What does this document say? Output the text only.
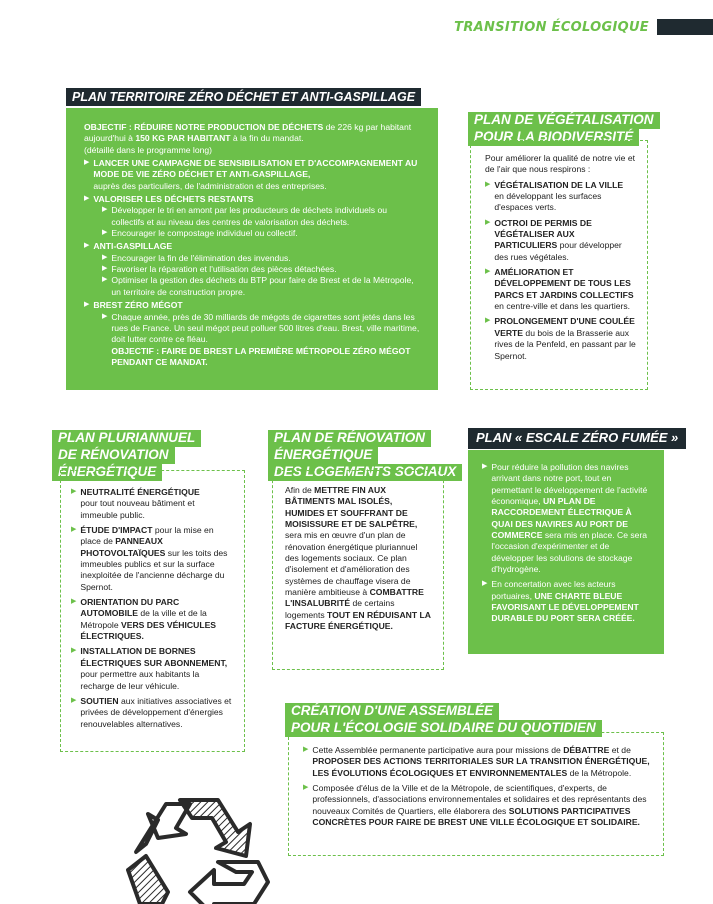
TRANSITION ÉCOLOGIQUE
PLAN TERRITOIRE ZÉRO DÉCHET ET ANTI-GASPILLAGE
OBJECTIF : RÉDUIRE NOTRE PRODUCTION DE DÉCHETS de 226 kg par habitant aujourd'hui à 150 KG PAR HABITANT à la fin du mandat.
(détaillé dans le programme long)
▶ LANCER UNE CAMPAGNE DE SENSIBILISATION ET D'ACCOMPAGNEMENT AU MODE DE VIE ZÉRO DÉCHET ET ANTI-GASPILLAGE,
auprès des particuliers, de l'administration et des entreprises.
▶ VALORISER LES DÉCHETS RESTANTS
▶ Développer le tri en amont par les producteurs de déchets individuels ou collectifs et au niveau des centres de valorisation des déchets.
▶ Encourager le compostage individuel ou collectif.
▶ ANTI-GASPILLAGE
▶ Encourager la fin de l'élimination des invendus.
▶ Favoriser la réparation et l'utilisation des pièces détachées.
▶ Optimiser la gestion des déchets du BTP pour faire de Brest et de la Métropole, un territoire de construction propre.
▶ BREST ZÉRO MÉGOT
▶ Chaque année, près de 30 milliards de mégots de cigarettes sont jetés dans les rues de France. Un seul mégot peut polluer 500 litres d'eau. Brest, ville maritime, doit lutter contre ce fléau.
OBJECTIF : FAIRE DE BREST LA PREMIÈRE MÉTROPOLE ZÉRO MÉGOT PENDANT CE MANDAT.
PLAN DE VÉGÉTALISATION
POUR LA BIODIVERSITÉ
Pour améliorer la qualité de notre vie et de l'air que nous respirons :
▶ VÉGÉTALISATION DE LA VILLE
en développant les surfaces d'espaces verts.
▶ OCTROI DE PERMIS DE VÉGÉTALISER AUX PARTICULIERS pour développer des rues végétales.
▶ AMÉLIORATION ET DÉVELOPPEMENT DE TOUS LES PARCS ET JARDINS COLLECTIFS
en centre-ville et dans les quartiers.
▶ PROLONGEMENT D'UNE COULÉE VERTE du bois de la Brasserie aux rives de la Penfeld, en passant par le Spernot.
PLAN PLURIANNUEL
DE RÉNOVATION
ÉNERGÉTIQUE
▶ NEUTRALITÉ ÉNERGÉTIQUE
pour tout nouveau bâtiment et immeuble public.
▶ ÉTUDE D'IMPACT pour la mise en place de PANNEAUX PHOTOVOLTAÏQUES sur les toits des immeubles publics et sur la surface inexploitée de l'ancienne décharge du Spernot.
▶ ORIENTATION DU PARC AUTOMOBILE de la ville et de la Métropole VERS DES VÉHICULES ÉLECTRIQUES.
▶ INSTALLATION DE BORNES ÉLECTRIQUES SUR ABONNEMENT,
pour permettre aux habitants la recharge de leur véhicule.
▶ SOUTIEN aux initiatives associatives et privées de développement d'énergies renouvelables alternatives.
PLAN DE RÉNOVATION
ÉNERGÉTIQUE
DES LOGEMENTS SOCIAUX
Afin de METTRE FIN AUX BÂTIMENTS MAL ISOLÉS, HUMIDES ET SOUFFRANT DE MOISISSURE ET DE SALPÊTRE, sera mis en œuvre d'un plan de rénovation énergétique pluriannuel des logements sociaux. Ce plan d'isolement et d'amélioration des systèmes de chauffage visera de manière ambitieuse à COMBATTRE L'INSALUBRITÉ de certains logements TOUT EN RÉDUISANT LA FACTURE ÉNERGÉTIQUE.
PLAN « ESCALE ZÉRO FUMÉE »
▶ Pour réduire la pollution des navires arrivant dans notre port, tout en permettant le développement de l'activité économique, UN PLAN DE RACCORDEMENT ÉLECTRIQUE À QUAI DES NAVIRES AU PORT DE COMMERCE sera mis en place. Ce sera l'occasion d'expérimenter et de développer les solutions de stockage d'hydrogène.
▶ En concertation avec les acteurs portuaires, UNE CHARTE BLEUE FAVORISANT LE DÉVELOPPEMENT DURABLE DU PORT SERA CRÉÉE.
CRÉATION D'UNE ASSEMBLÉE
POUR L'ÉCOLOGIE SOLIDAIRE DU QUOTIDIEN
▶ Cette Assemblée permanente participative aura pour missions de DÉBATTRE et de PROPOSER DES ACTIONS TERRITORIALES SUR LA TRANSITION ÉNERGÉTIQUE, LES ÉVOLUTIONS ÉCOLOGIQUES ET ENVIRONNEMENTALES de la Métropole.
▶ Composée d'élus de la Ville et de la Métropole, de scientifiques, d'experts, de professionnels, d'associations environnementales et solidaires et des représentants des nouveaux Comités de Quartiers, elle élaborera des SOLUTIONS PARTICIPATIVES CONCRÈTES POUR FAIRE DE BREST UNE VILLE ÉCOLOGIQUE ET SOLIDAIRE.
